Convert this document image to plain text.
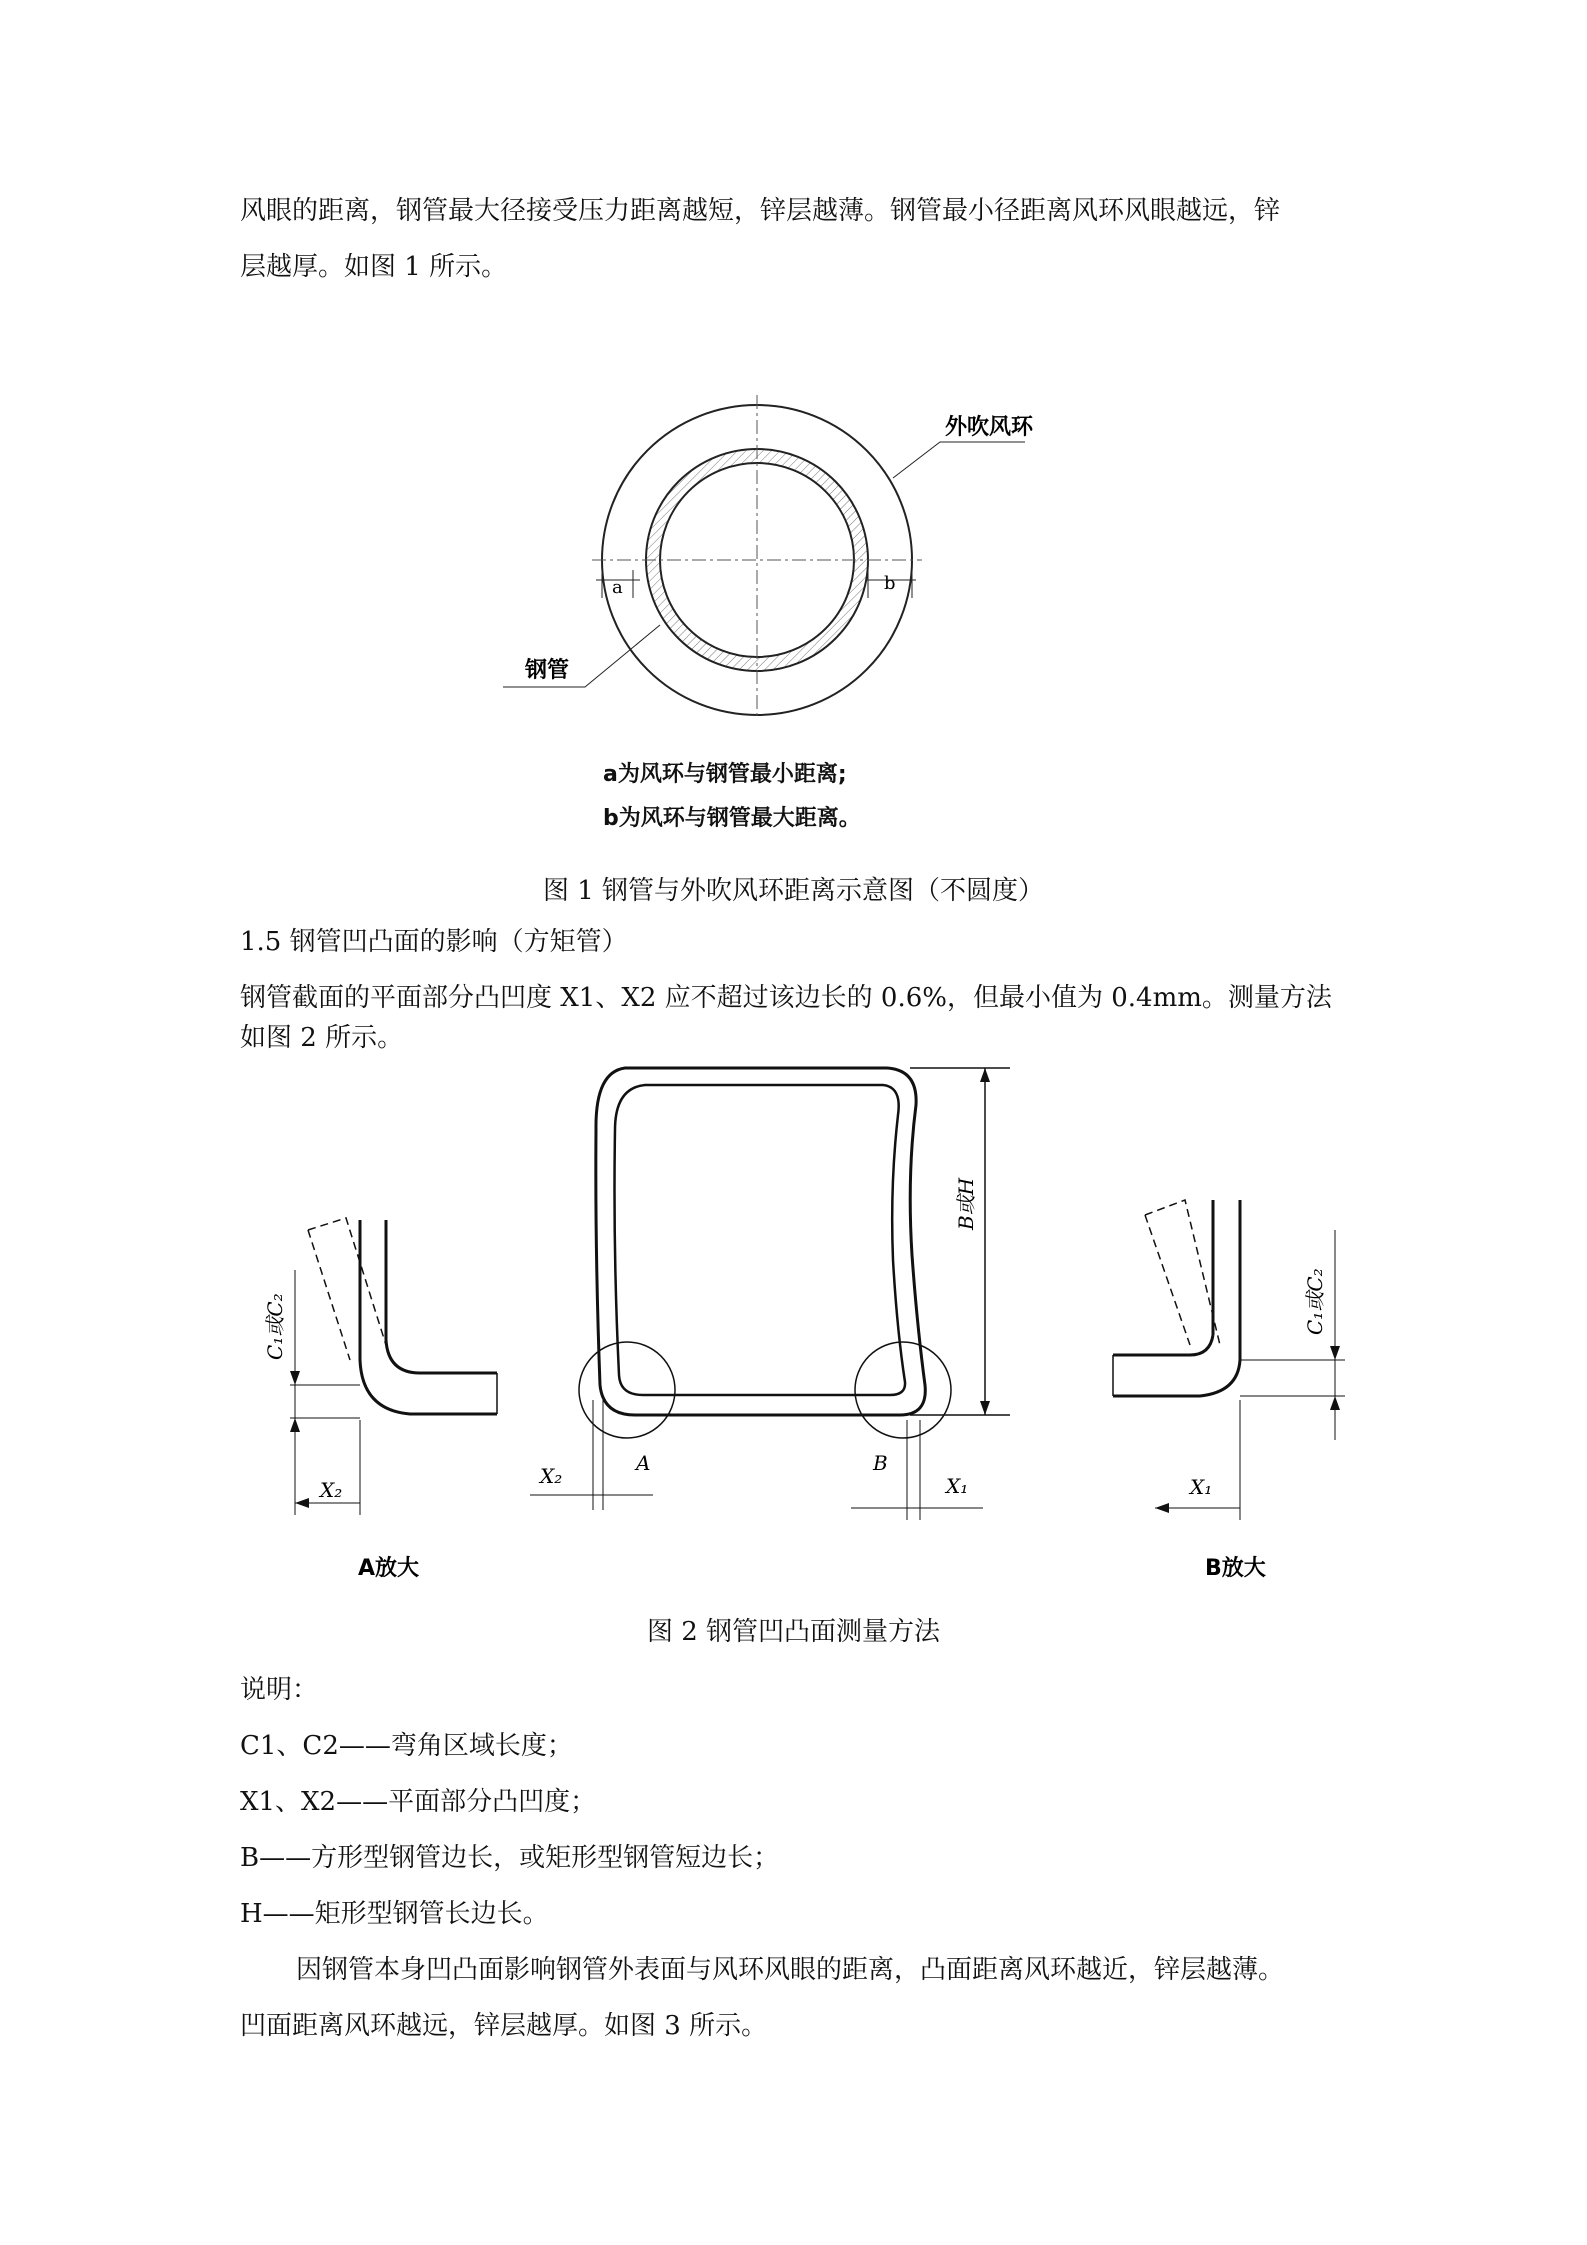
风眼的距离，钢管最大径接受压力距离越短，锌层越薄。钢管最小径距离风环风眼越远，锌
层越厚。如图 1 所示。
a	b
外吹风环
钢管
a为风环与钢管最小距离;
b为风环与钢管最大距离。
图 1 钢管与外吹风环距离示意图（不圆度）
1.5 钢管凹凸面的影响（方矩管）
钢管截面的平面部分凸凹度 X1、X2 应不超过该边长的 0.6%，但最小值为 0.4mm。测量方法
如图 2 所示。
B或H
X₂
A	B
X₁
C₁或C₂
X₂
A放大
C₁或C₂
X₁
B放大
图 2 钢管凹凸面测量方法
说明：
C1、C2——弯角区域长度；
X1、X2——平面部分凸凹度；
B——方形型钢管边长，或矩形型钢管短边长；
H——矩形型钢管长边长。
因钢管本身凹凸面影响钢管外表面与风环风眼的距离，凸面距离风环越近，锌层越薄。
凹面距离风环越远，锌层越厚。如图 3 所示。
